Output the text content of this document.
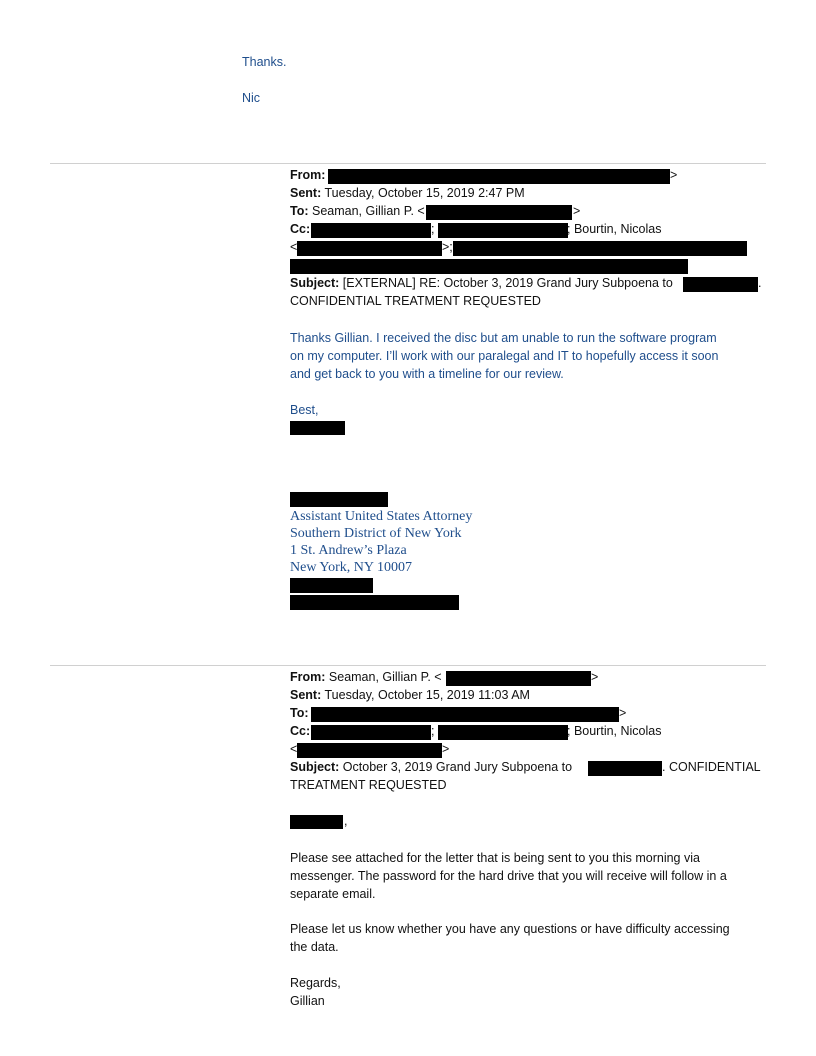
Thanks.
Nic
From:	>
Sent: Tuesday, October 15, 2019 2:47 PM
To: Seaman, Gillian P. <	>
Cc:	;	; Bourtin, Nicolas
<	>;
Subject: [EXTERNAL] RE: October 3, 2019 Grand Jury Subpoena to	.
CONFIDENTIAL TREATMENT REQUESTED
Thanks Gillian. I received the disc but am unable to run the software program
on my computer. I’ll work with our paralegal and IT to hopefully access it soon
and get back to you with a timeline for our review.
Best,
Assistant United States Attorney
Southern District of New York
1 St. Andrew’s Plaza
New York, NY 10007
From: Seaman, Gillian P. <	>
Sent: Tuesday, October 15, 2019 11:03 AM
To:	>
Cc:	;	; Bourtin, Nicolas
<	>
Subject: October 3, 2019 Grand Jury Subpoena to	. CONFIDENTIAL
TREATMENT REQUESTED
,
Please see attached for the letter that is being sent to you this morning via
messenger. The password for the hard drive that you will receive will follow in a
separate email.
Please let us know whether you have any questions or have difficulty accessing
the data.
Regards,
Gillian
